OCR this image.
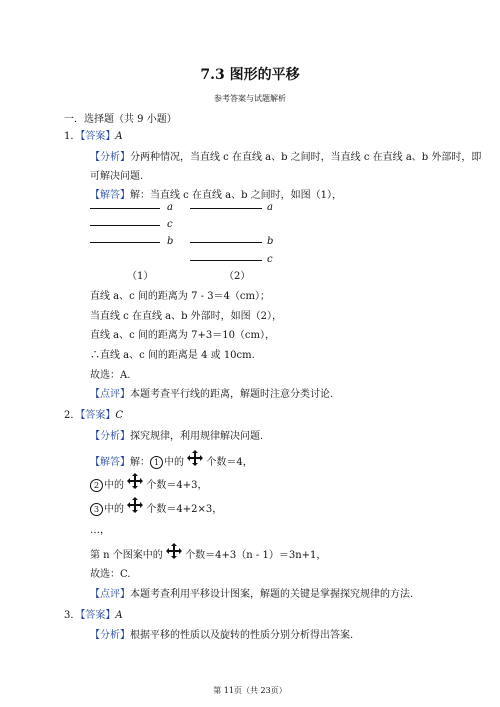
7.3 图形的平移
参考答案与试题解析
一．选择题（共 9 小题）
1．【答案】A
【分析】分两种情况，当直线 c 在直线 a、b 之间时，当直线 c 在直线 a、b 外部时，即
可解决问题.
【解答】解：当直线 c 在直线 a、b 之间时，如图（1），
a
c
b
（1）
a
b
c
（2）
直线 a、c 间的距离为 7 - 3＝4（cm）；
当直线 c 在直线 a、b 外部时，如图（2），
直线 a、c 间的距离为 7+3＝10（cm），
∴直线 a、c 间的距离是 4 或 10cm.
故选：A.
【点评】本题考查平行线的距离，解题时注意分类讨论.
2．【答案】C
【分析】探究规律，利用规律解决问题.
【解答】解： 1 中的 个数＝4，
2 中的 个数＝4+3，
3 中的 个数＝4+2×3，
…，
第 n 个图案中的 个数＝4+3（n - 1）＝3n+1，
故选：C.
【点评】本题考查利用平移设计图案，解题的关键是掌握探究规律的方法.
3．【答案】A
【分析】根据平移的性质以及旋转的性质分别分析得出答案.
第 11页（共 23页）
